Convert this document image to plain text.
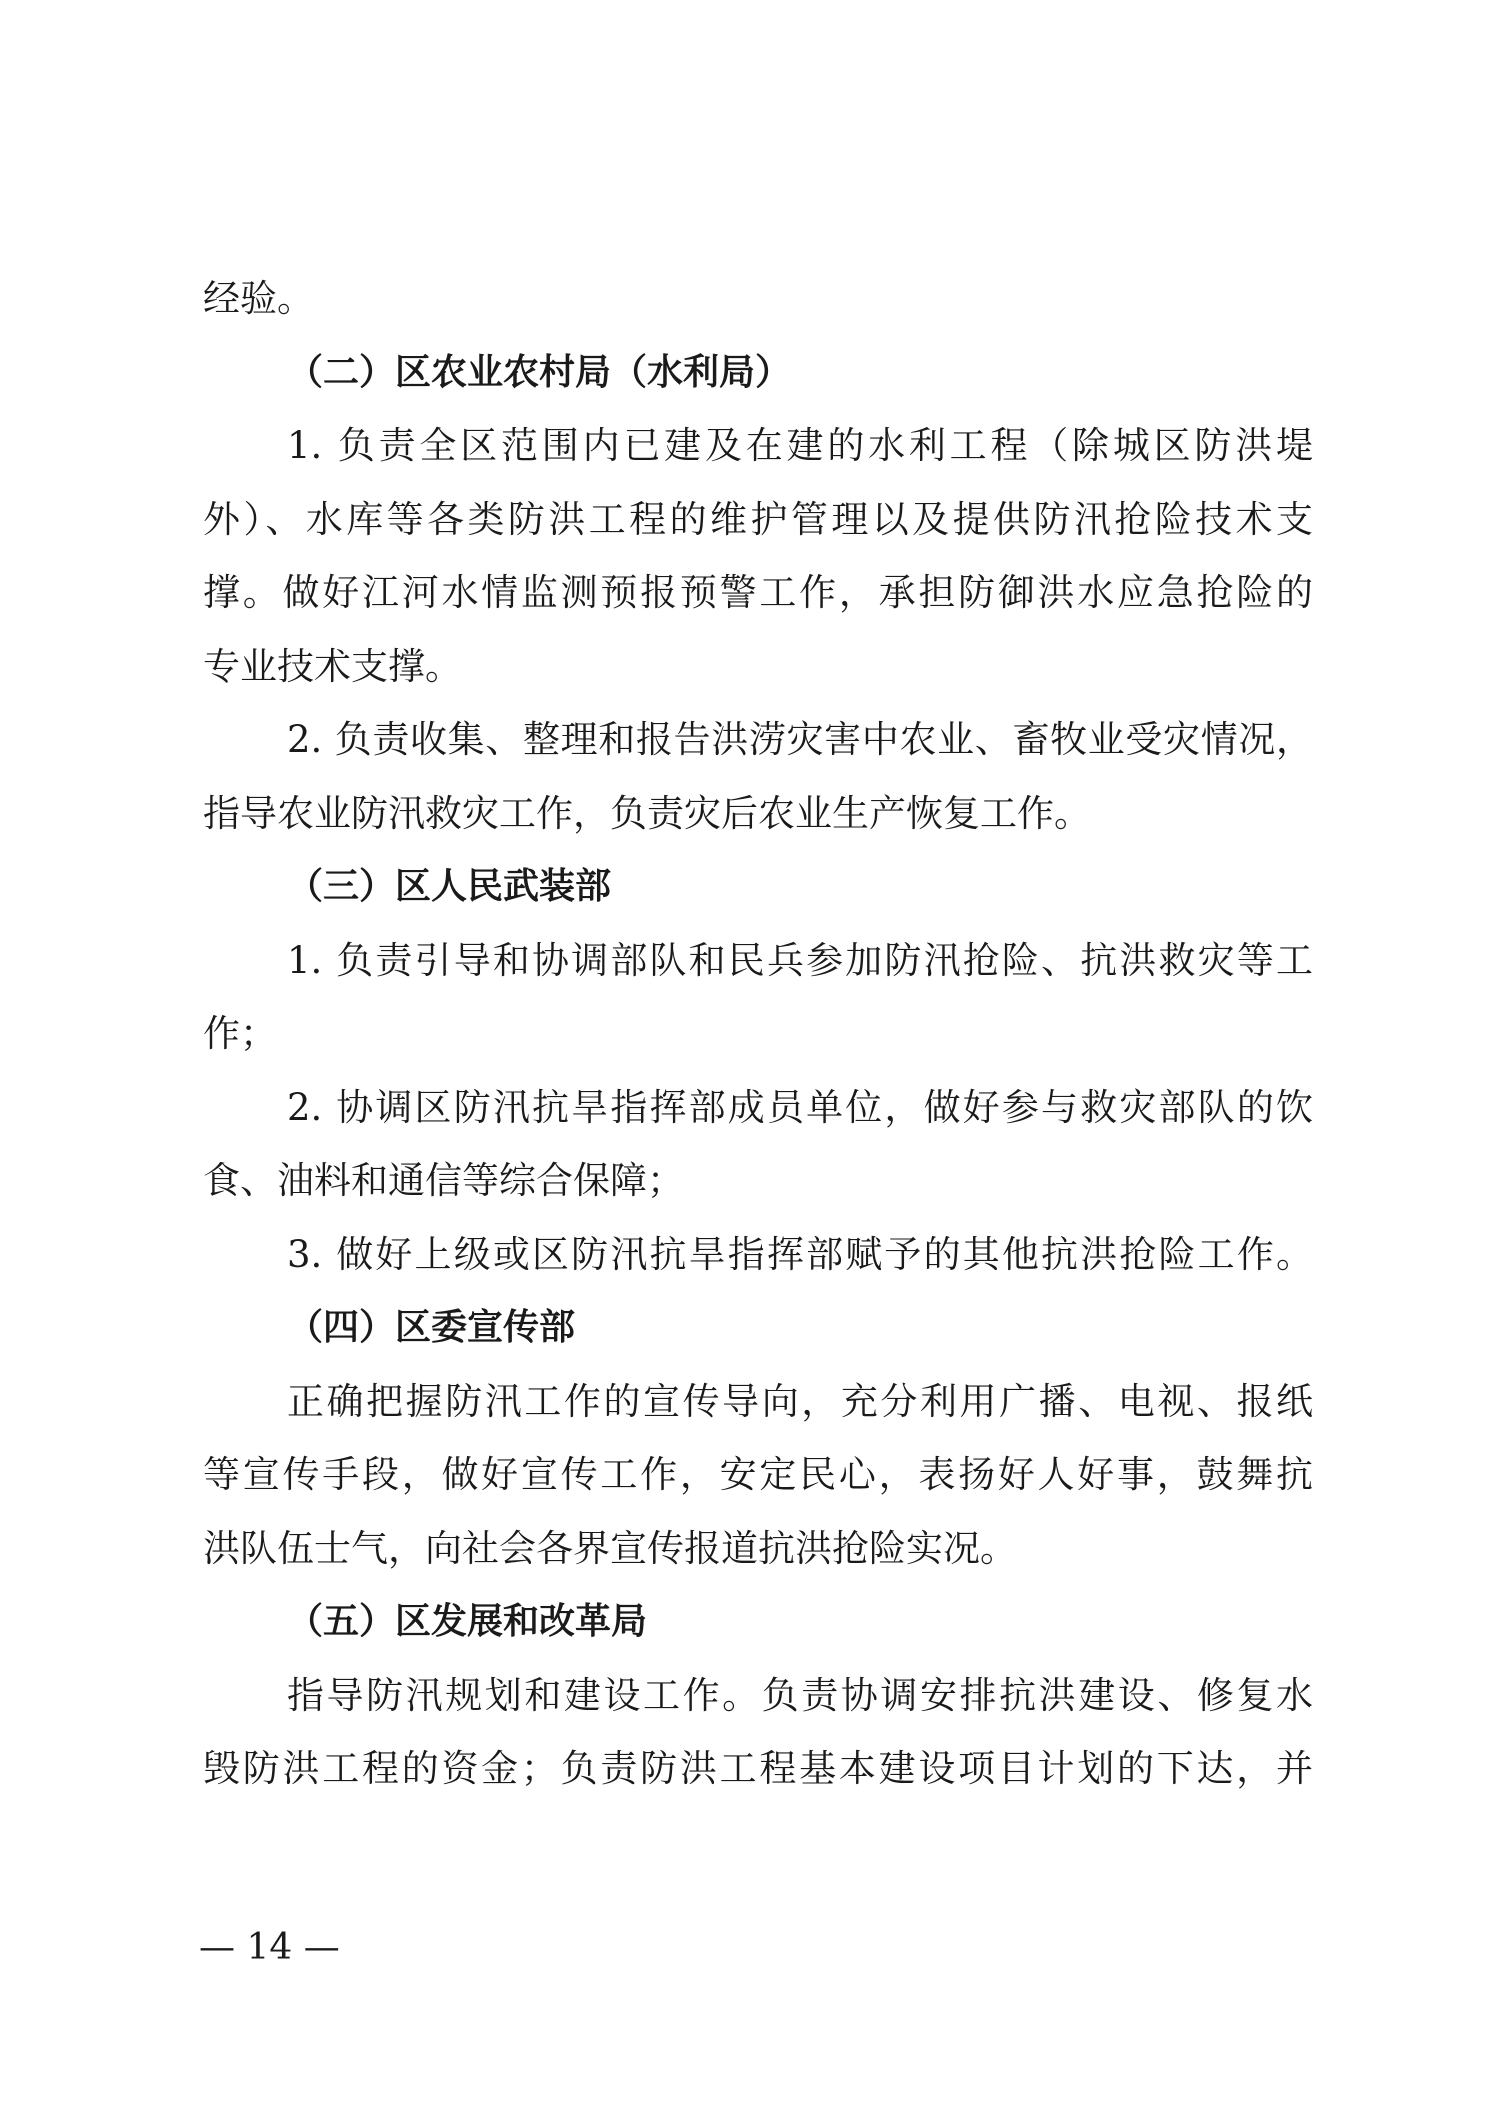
经验。
（二）区农业农村局（水利局）
1. 负责全区范围内已建及在建的水利工程（除城区防洪堤
外）、水库等各类防洪工程的维护管理以及提供防汛抢险技术支
撑。做好江河水情监测预报预警工作，承担防御洪水应急抢险的
专业技术支撑。
2. 负责收集、整理和报告洪涝灾害中农业、畜牧业受灾情况，
指导农业防汛救灾工作，负责灾后农业生产恢复工作。
（三）区人民武装部
1. 负责引导和协调部队和民兵参加防汛抢险、抗洪救灾等工
作；
2. 协调区防汛抗旱指挥部成员单位，做好参与救灾部队的饮
食、油料和通信等综合保障；
3. 做好上级或区防汛抗旱指挥部赋予的其他抗洪抢险工作。
（四）区委宣传部
正确把握防汛工作的宣传导向，充分利用广播、电视、报纸
等宣传手段，做好宣传工作，安定民心，表扬好人好事，鼓舞抗
洪队伍士气，向社会各界宣传报道抗洪抢险实况。
（五）区发展和改革局
指导防汛规划和建设工作。负责协调安排抗洪建设、修复水
毁防洪工程的资金；负责防洪工程基本建设项目计划的下达，并
— 14 —
